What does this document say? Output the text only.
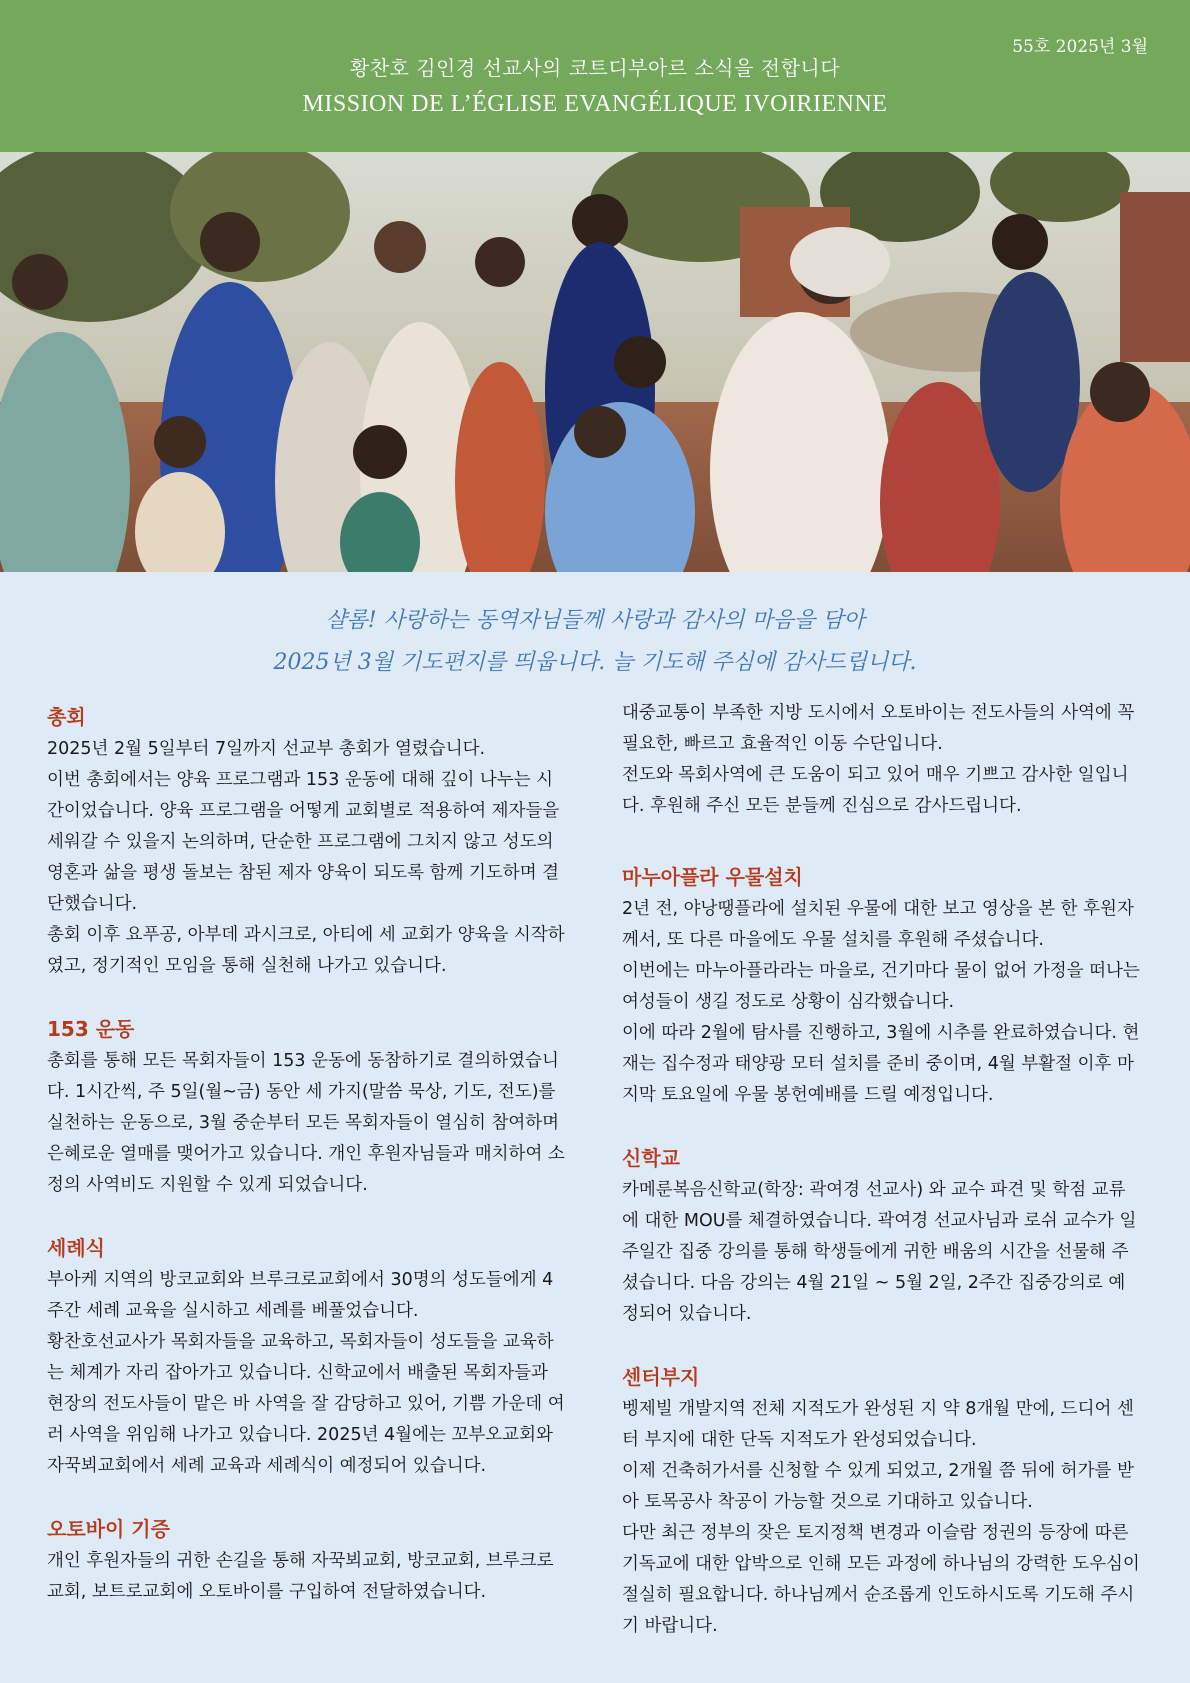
55호 2025년 3월
황찬호 김인경 선교사의 코트디부아르 소식을 전합니다
MISSION DE L’ÉGLISE EVANGÉLIQUE IVOIRIENNE
샬롬! 사랑하는 동역자님들께 사랑과 감사의 마음을 담아
2025년 3월 기도편지를 띄웁니다. 늘 기도해 주심에 감사드립니다.
총회

2025년 2월 5일부터 7일까지 선교부 총회가 열렸습니다.

이번 총회에서는 양육 프로그램과 153 운동에 대해 깊이 나누는 시간이었습니다. 양육 프로그램을 어떻게 교회별로 적용하여 제자들을 세워갈 수 있을지 논의하며, 단순한 프로그램에 그치지 않고 성도의 영혼과 삶을 평생 돌보는 참된 제자 양육이 되도록 함께 기도하며 결단했습니다.

총회 이후 요푸공, 아부데 과시크로, 아티에 세 교회가 양육을 시작하였고, 정기적인 모임을 통해 실천해 나가고 있습니다.

153 운동

총회를 통해 모든 목회자들이 153 운동에 동참하기로 결의하였습니다. 1시간씩, 주 5일(월~금) 동안 세 가지(말씀 묵상, 기도, 전도)를 실천하는 운동으로, 3월 중순부터 모든 목회자들이 열심히 참여하며 은혜로운 열매를 맺어가고 있습니다. 개인 후원자님들과 매치하여 소정의 사역비도 지원할 수 있게 되었습니다.

세례식

부아케 지역의 방코교회와 브루크로교회에서 30명의 성도들에게 4주간 세례 교육을 실시하고 세례를 베풀었습니다.

황찬호선교사가 목회자들을 교육하고, 목회자들이 성도들을 교육하는 체계가 자리 잡아가고 있습니다. 신학교에서 배출된 목회자들과 현장의 전도사들이 맡은 바 사역을 잘 감당하고 있어, 기쁨 가운데 여러 사역을 위임해 나가고 있습니다. 2025년 4월에는 꼬부오교회와 자꾹뵈교회에서 세례 교육과 세례식이 예정되어 있습니다.

오토바이 기증

개인 후원자들의 귀한 손길을 통해 자꾹뵈교회, 방코교회, 브루크로교회, 보트로교회에 오토바이를 구입하여 전달하였습니다.

대중교통이 부족한 지방 도시에서 오토바이는 전도사들의 사역에 꼭 필요한, 빠르고 효율적인 이동 수단입니다.

전도와 목회사역에 큰 도움이 되고 있어 매우 기쁘고 감사한 일입니다. 후원해 주신 모든 분들께 진심으로 감사드립니다.

마누아플라 우물설치

2년 전, 야낭땡플라에 설치된 우물에 대한 보고 영상을 본 한 후원자께서, 또 다른 마을에도 우물 설치를 후원해 주셨습니다.

이번에는 마누아플라라는 마을로, 건기마다 물이 없어 가정을 떠나는 여성들이 생길 정도로 상황이 심각했습니다.

이에 따라 2월에 탐사를 진행하고, 3월에 시추를 완료하였습니다. 현재는 집수정과 태양광 모터 설치를 준비 중이며, 4월 부활절 이후 마지막 토요일에 우물 봉헌예배를 드릴 예정입니다.

신학교

카메룬복음신학교(학장: 곽여경 선교사) 와 교수 파견 및 학점 교류에 대한 MOU를 체결하였습니다. 곽여경 선교사님과 로쉬 교수가 일주일간 집중 강의를 통해 학생들에게 귀한 배움의 시간을 선물해 주셨습니다. 다음 강의는 4월 21일 ~ 5월 2일, 2주간 집중강의로 예정되어 있습니다.

센터부지

벵제빌 개발지역 전체 지적도가 완성된 지 약 8개월 만에, 드디어 센터 부지에 대한 단독 지적도가 완성되었습니다.

이제 건축허가서를 신청할 수 있게 되었고, 2개월 쯤 뒤에 허가를 받아 토목공사 착공이 가능할 것으로 기대하고 있습니다.

다만 최근 정부의 잦은 토지정책 변경과 이슬람 정권의 등장에 따른 기독교에 대한 압박으로 인해 모든 과정에 하나님의 강력한 도우심이 절실히 필요합니다. 하나님께서 순조롭게 인도하시도록 기도해 주시기 바랍니다.
